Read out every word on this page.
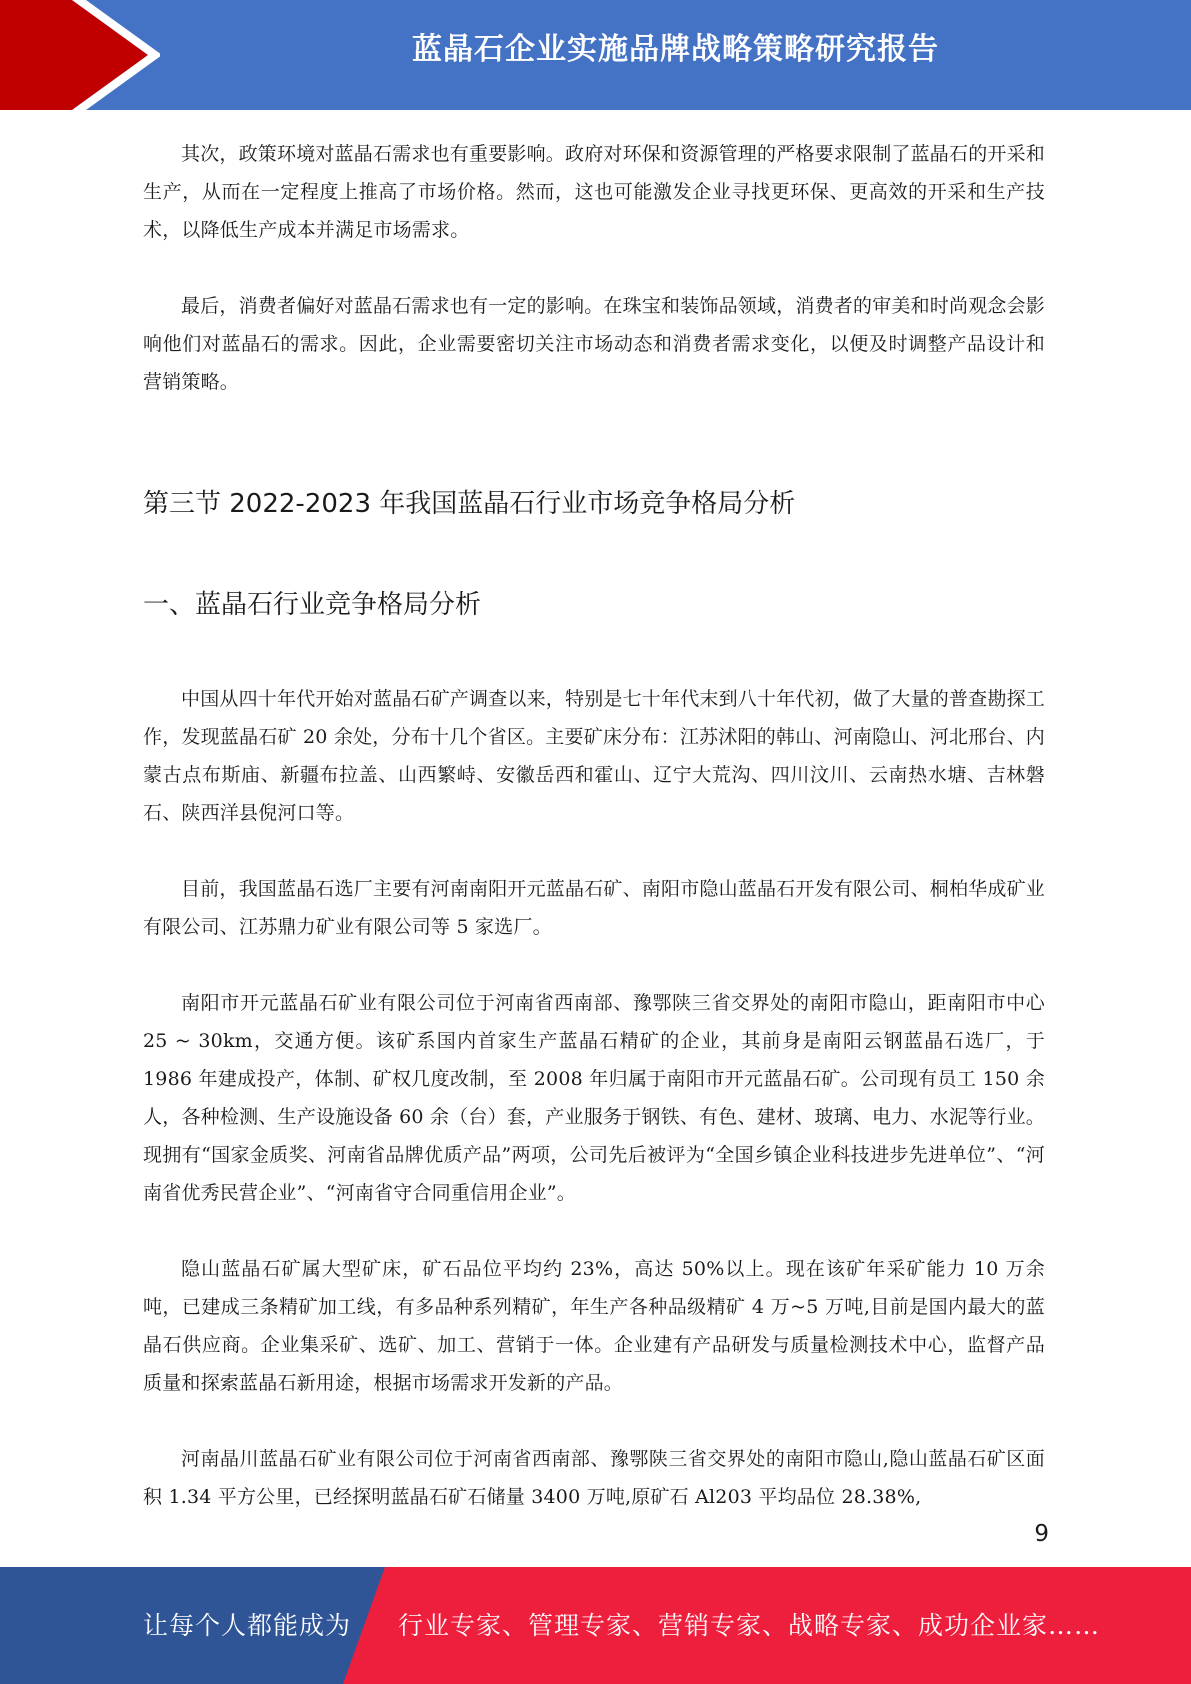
蓝晶石企业实施品牌战略策略研究报告

其次，政策环境对蓝晶石需求也有重要影响。政府对环保和资源管理的严格要求限制了蓝晶石的开采和生产，从而在一定程度上推高了市场价格。然而，这也可能激发企业寻找更环保、更高效的开采和生产技术，以降低生产成本并满足市场需求。

最后，消费者偏好对蓝晶石需求也有一定的影响。在珠宝和装饰品领域，消费者的审美和时尚观念会影响他们对蓝晶石的需求。因此，企业需要密切关注市场动态和消费者需求变化，以便及时调整产品设计和营销策略。

第三节 2022-2023 年我国蓝晶石行业市场竞争格局分析
一、蓝晶石行业竞争格局分析

中国从四十年代开始对蓝晶石矿产调查以来，特别是七十年代末到八十年代初，做了大量的普查勘探工作，发现蓝晶石矿 20 余处，分布十几个省区。主要矿床分布：江苏沭阳的韩山、河南隐山、河北邢台、内蒙古点布斯庙、新疆布拉盖、山西繁峙、安徽岳西和霍山、辽宁大荒沟、四川汶川、云南热水塘、吉林磐石、陕西洋县倪河口等。

目前，我国蓝晶石选厂主要有河南南阳开元蓝晶石矿、南阳市隐山蓝晶石开发有限公司、桐柏华成矿业有限公司、江苏鼎力矿业有限公司等 5 家选厂。

南阳市开元蓝晶石矿业有限公司位于河南省西南部、豫鄂陕三省交界处的南阳市隐山，距南阳市中心 25 ~ 30km，交通方便。该矿系国内首家生产蓝晶石精矿的企业，其前身是南阳云钢蓝晶石选厂，于 1986 年建成投产，体制、矿权几度改制，至 2008 年归属于南阳市开元蓝晶石矿。公司现有员工 150 余人，各种检测、生产设施设备 60 余（台）套，产业服务于钢铁、有色、建材、玻璃、电力、水泥等行业。现拥有“国家金质奖、河南省品牌优质产品”两项，公司先后被评为“全国乡镇企业科技进步先进单位”、“河南省优秀民营企业”、“河南省守合同重信用企业”。

隐山蓝晶石矿属大型矿床，矿石品位平均约 23%，高达 50%以上。现在该矿年采矿能力 10 万余吨，已建成三条精矿加工线，有多品种系列精矿，年生产各种品级精矿 4 万~5 万吨,目前是国内最大的蓝晶石供应商。企业集采矿、选矿、加工、营销于一体。企业建有产品研发与质量检测技术中心，监督产品质量和探索蓝晶石新用途，根据市场需求开发新的产品。

河南晶川蓝晶石矿业有限公司位于河南省西南部、豫鄂陕三省交界处的南阳市隐山,隐山蓝晶石矿区面积 1.34 平方公里，已经探明蓝晶石矿石储量 3400 万吨,原矿石 Al203 平均品位 28.38%,

9
让每个人都能成为 行业专家、管理专家、营销专家、战略专家、成功企业家……
